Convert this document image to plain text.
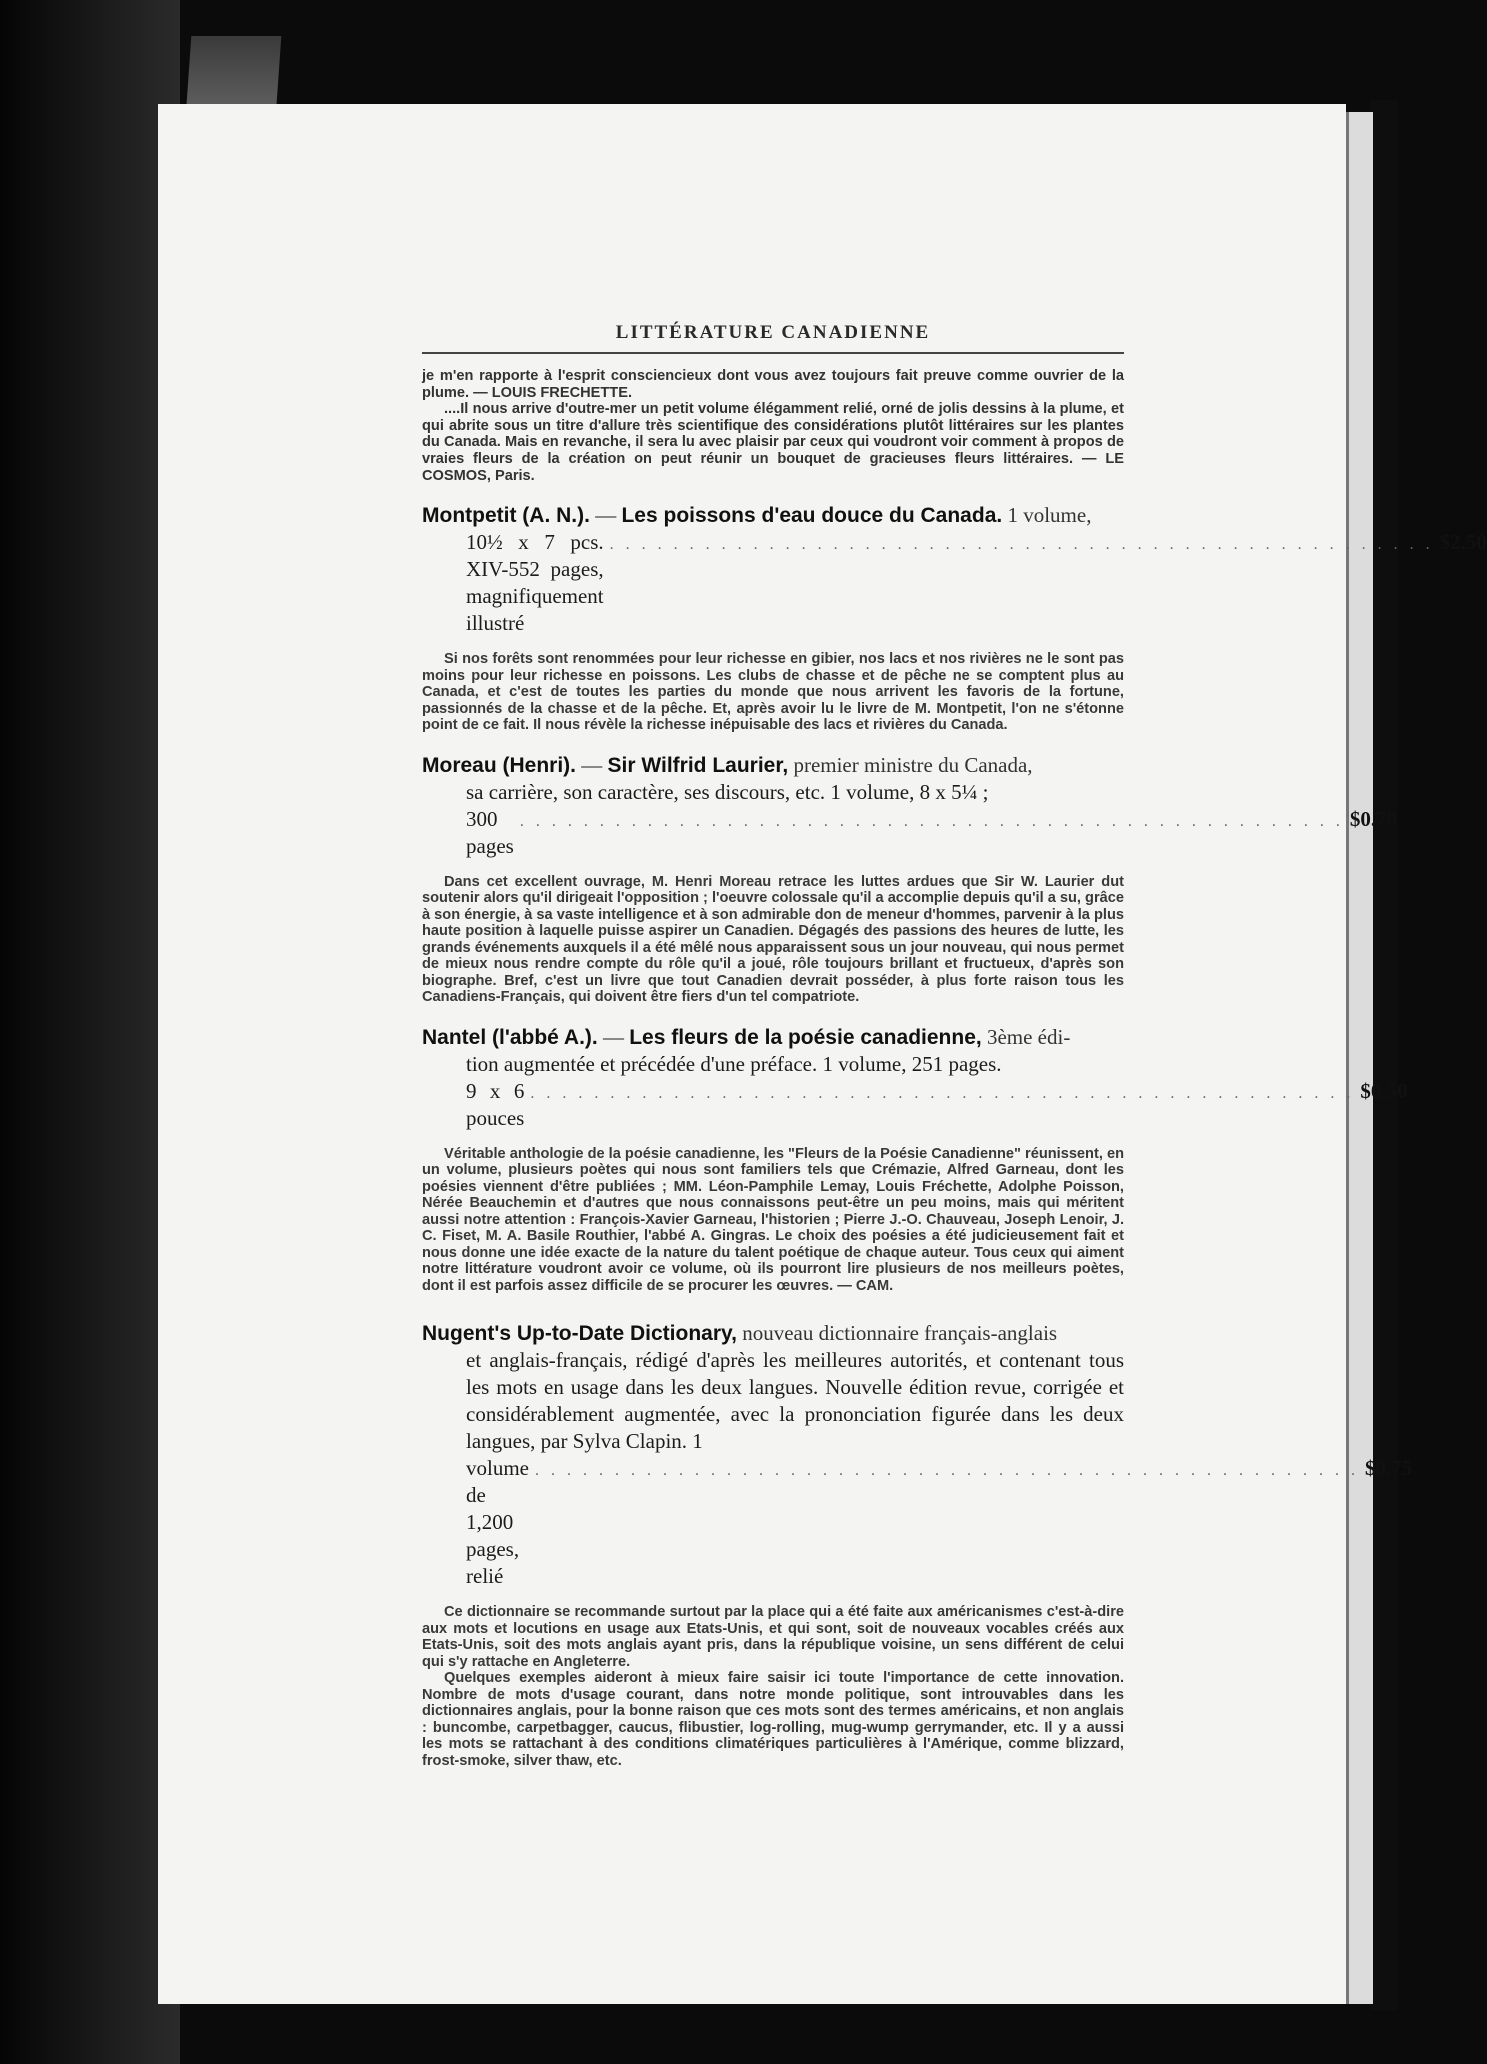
LITTÉRATURE CANADIENNE

je m'en rapporte à l'esprit consciencieux dont vous avez toujours fait preuve comme ouvrier de la plume. — LOUIS FRECHETTE.

....Il nous arrive d'outre-mer un petit volume élégamment relié, orné de jolis dessins à la plume, et qui abrite sous un titre d'allure très scientifique des considérations plutôt littéraires sur les plantes du Canada. Mais en revanche, il sera lu avec plaisir par ceux qui voudront voir comment à propos de vraies fleurs de la création on peut réunir un bouquet de gracieuses fleurs littéraires. — LE COSMOS, Paris.

Montpetit (A. N.). — Les poissons d'eau douce du Canada. 1 volume,
10½ x 7 pcs. XIV-552 pages, magnifiquement illustré
. . . . . . . . . . . . . . . . . . . . . . . . . . . . . . . . . . . . . . . . . . . . . . . . . . . . $2.50

Si nos forêts sont renommées pour leur richesse en gibier, nos lacs et nos rivières ne le sont pas moins pour leur richesse en poissons. Les clubs de chasse et de pêche ne se comptent plus au Canada, et c'est de toutes les parties du monde que nous arrivent les favoris de la fortune, passionnés de la chasse et de la pêche. Et, après avoir lu le livre de M. Montpetit, l'on ne s'étonne point de ce fait. Il nous révèle la richesse inépuisable des lacs et rivières du Canada.

Moreau (Henri). — Sir Wilfrid Laurier, premier ministre du Canada,
sa carrière, son caractère, ses discours, etc. 1 volume, 8 x 5¼ ;
300 pages
. . . . . . . . . . . . . . . . . . . . . . . . . . . . . . . . . . . . . . . . . . . . . . . . . . . . $0.70

Dans cet excellent ouvrage, M. Henri Moreau retrace les luttes ardues que Sir W. Laurier dut soutenir alors qu'il dirigeait l'opposition ; l'oeuvre colossale qu'il a accomplie depuis qu'il a su, grâce à son énergie, à sa vaste intelligence et à son admirable don de meneur d'hommes, parvenir à la plus haute position à laquelle puisse aspirer un Canadien. Dégagés des passions des heures de lutte, les grands événements auxquels il a été mêlé nous apparaissent sous un jour nouveau, qui nous permet de mieux nous rendre compte du rôle qu'il a joué, rôle toujours brillant et fructueux, d'après son biographe. Bref, c'est un livre que tout Canadien devrait posséder, à plus forte raison tous les Canadiens-Français, qui doivent être fiers d'un tel compatriote.

Nantel (l'abbé A.). — Les fleurs de la poésie canadienne, 3ème édi-
tion augmentée et précédée d'une préface. 1 volume, 251 pages.
9 x 6 pouces
. . . . . . . . . . . . . . . . . . . . . . . . . . . . . . . . . . . . . . . . . . . . . . . . . . . . $0.50

Véritable anthologie de la poésie canadienne, les "Fleurs de la Poésie Canadienne" réunissent, en un volume, plusieurs poètes qui nous sont familiers tels que Crémazie, Alfred Garneau, dont les poésies viennent d'être publiées ; MM. Léon-Pamphile Lemay, Louis Fréchette, Adolphe Poisson, Nérée Beauchemin et d'autres que nous connaissons peut-être un peu moins, mais qui méritent aussi notre attention : François-Xavier Garneau, l'historien ; Pierre J.-O. Chauveau, Joseph Lenoir, J. C. Fiset, M. A. Basile Routhier, l'abbé A. Gingras. Le choix des poésies a été judicieusement fait et nous donne une idée exacte de la nature du talent poétique de chaque auteur. Tous ceux qui aiment notre littérature voudront avoir ce volume, où ils pourront lire plusieurs de nos meilleurs poètes, dont il est parfois assez difficile de se procurer les œuvres. — CAM.

Nugent's Up-to-Date Dictionary, nouveau dictionnaire français-anglais
et anglais-français, rédigé d'après les meilleures autorités, et contenant tous les mots en usage dans les deux langues. Nouvelle édition revue, corrigée et considérablement augmentée, avec la prononciation figurée dans les deux langues, par Sylva Clapin. 1
volume de 1,200 pages, relié
. . . . . . . . . . . . . . . . . . . . . . . . . . . . . . . . . . . . . . . . . . . . . . . . . . . . $0.75

Ce dictionnaire se recommande surtout par la place qui a été faite aux américanismes c'est-à-dire aux mots et locutions en usage aux Etats-Unis, et qui sont, soit de nouveaux vocables créés aux Etats-Unis, soit des mots anglais ayant pris, dans la république voisine, un sens différent de celui qui s'y rattache en Angleterre.

Quelques exemples aideront à mieux faire saisir ici toute l'importance de cette innovation. Nombre de mots d'usage courant, dans notre monde politique, sont introuvables dans les dictionnaires anglais, pour la bonne raison que ces mots sont des termes américains, et non anglais : buncombe, carpetbagger, caucus, flibustier, log-rolling, mug-wump gerrymander, etc. Il y a aussi les mots se rattachant à des conditions climatériques particulières à l'Amérique, comme blizzard, frost-smoke, silver thaw, etc.
